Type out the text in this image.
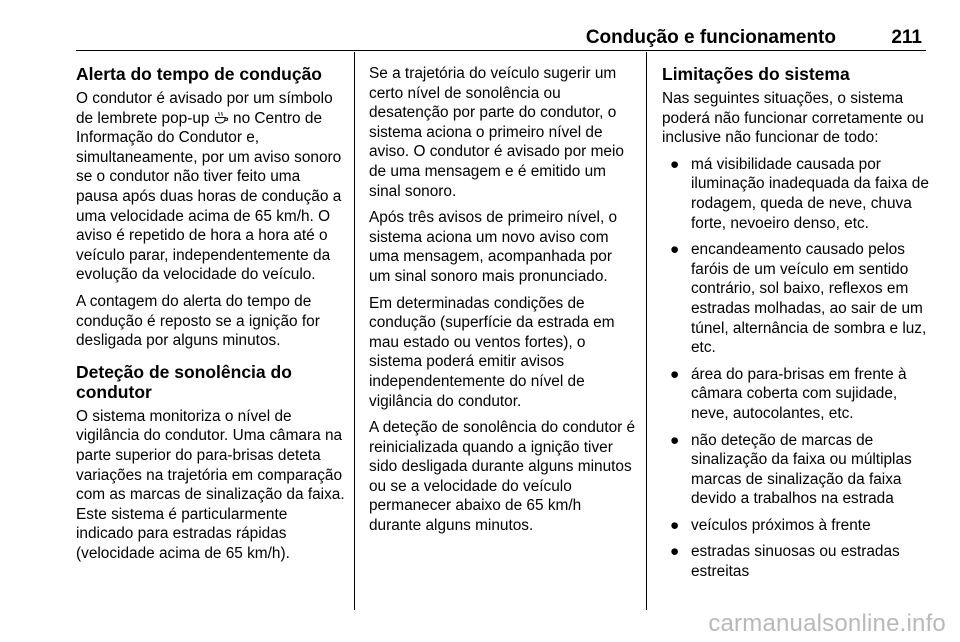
Condução e funcionamento	211
Alerta do tempo de condução

O condutor é avisado por um símbolo de lembrete pop-up  no Centro de Informação do Condutor e, simultaneamente, por um aviso sonoro se o condutor não tiver feito uma pausa após duas horas de condução a uma velocidade acima de 65 km/h. O aviso é repetido de hora a hora até o veículo parar, independentemente da evolução da velocidade do veículo.

A contagem do alerta do tempo de condução é reposto se a ignição for desligada por alguns minutos.

Deteção de sonolência do condutor

O sistema monitoriza o nível de vigilância do condutor. Uma câmara na parte superior do para-brisas deteta variações na trajetória em comparação com as marcas de sinalização da faixa. Este sistema é particularmente indicado para estradas rápidas (velocidade acima de 65 km/h).

Se a trajetória do veículo sugerir um certo nível de sonolência ou desatenção por parte do condutor, o sistema aciona o primeiro nível de aviso. O condutor é avisado por meio de uma mensagem e é emitido um sinal sonoro.

Após três avisos de primeiro nível, o sistema aciona um novo aviso com uma mensagem, acompanhada por um sinal sonoro mais pronunciado.

Em determinadas condições de condução (superfície da estrada em mau estado ou ventos fortes), o sistema poderá emitir avisos independentemente do nível de vigilância do condutor.

A deteção de sonolência do condutor é reinicializada quando a ignição tiver sido desligada durante alguns minutos ou se a velocidade do veículo permanecer abaixo de 65 km/h durante alguns minutos.

Limitações do sistema

Nas seguintes situações, o sistema poderá não funcionar corretamente ou inclusive não funcionar de todo:

● má visibilidade causada por iluminação inadequada da faixa de rodagem, queda de neve, chuva forte, nevoeiro denso, etc.
● encandeamento causado pelos faróis de um veículo em sentido contrário, sol baixo, reflexos em estradas molhadas, ao sair de um túnel, alternância de sombra e luz, etc.
● área do para-brisas em frente à câmara coberta com sujidade, neve, autocolantes, etc.
● não deteção de marcas de sinalização da faixa ou múltiplas marcas de sinalização da faixa devido a trabalhos na estrada
● veículos próximos à frente
● estradas sinuosas ou estradas estreitas
carmanualsonline.info
